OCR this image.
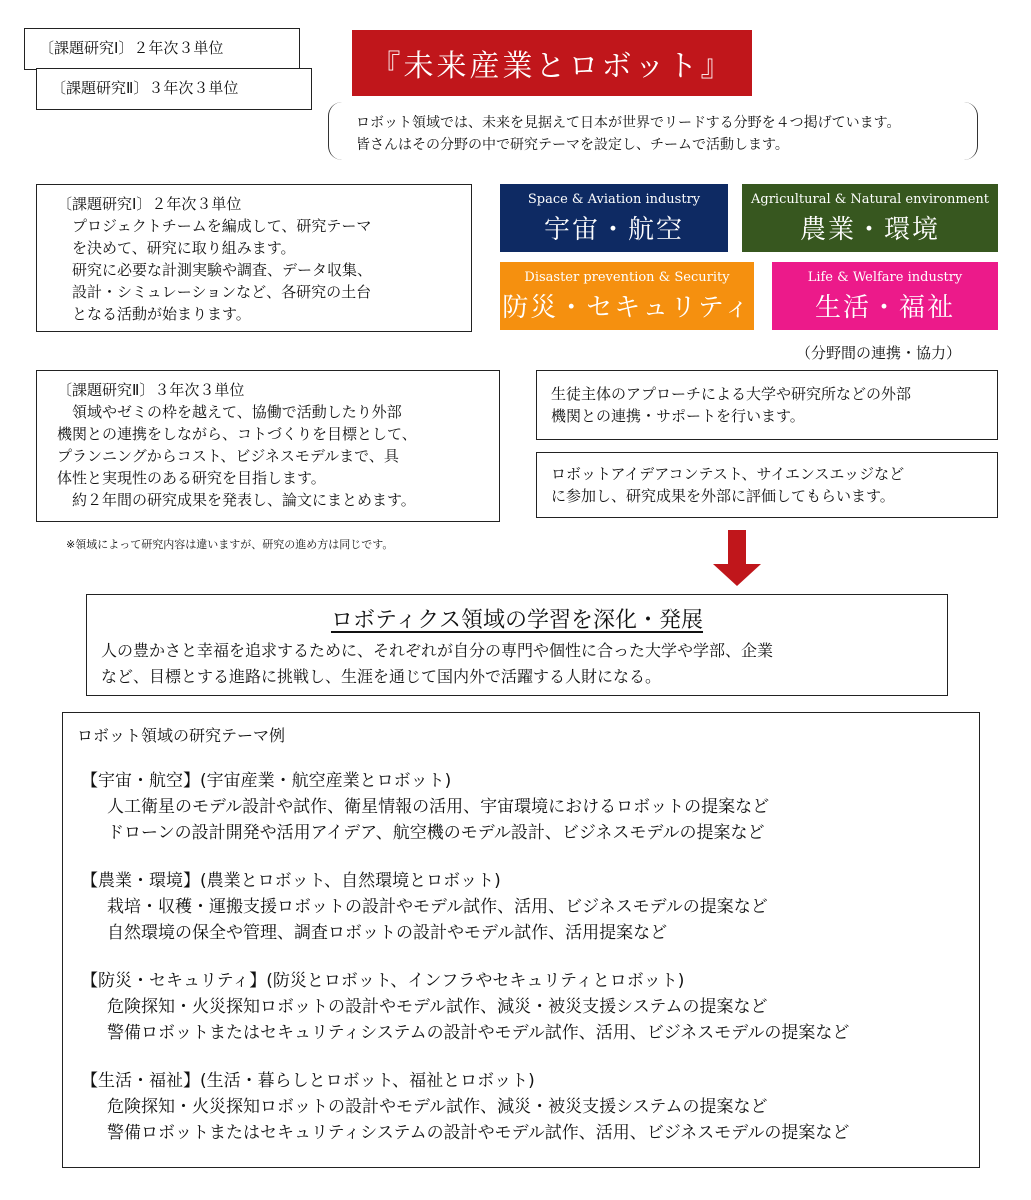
〔課題研究Ⅰ〕２年次３単位
〔課題研究Ⅱ〕３年次３単位
『未来産業とロボット』
ロボット領域では、未来を見据えて日本が世界でリードする分野を４つ掲げています。
皆さんはその分野の中で研究テーマを設定し、チームで活動します。
〔課題研究Ⅰ〕２年次３単位
　プロジェクトチームを編成して、研究テーマ
　を決めて、研究に取り組みます。
　研究に必要な計測実験や調査、データ収集、
　設計・シミュレーションなど、各研究の土台
　となる活動が始まります。
Space & Aviation industry
宇宙・航空
Agricultural & Natural environment
農業・環境
Disaster prevention & Security
防災・セキュリティ
Life & Welfare industry
生活・福祉
（分野間の連携・協力）
〔課題研究Ⅱ〕３年次３単位
　領域やゼミの枠を越えて、協働で活動したり外部
機関との連携をしながら、コトづくりを目標として、
プランニングからコスト、ビジネスモデルまで、具
体性と実現性のある研究を目指します。
　約２年間の研究成果を発表し、論文にまとめます。
生徒主体のアプローチによる大学や研究所などの外部
機関との連携・サポートを行います。
ロボットアイデアコンテスト、サイエンスエッジなど
に参加し、研究成果を外部に評価してもらいます。
※領域によって研究内容は違いますが、研究の進め方は同じです。
ロボティクス領域の学習を深化・発展
人の豊かさと幸福を追求するために、それぞれが自分の専門や個性に合った大学や学部、企業
など、目標とする進路に挑戦し、生涯を通じて国内外で活躍する人財になる。
ロボット領域の研究テーマ例
【宇宙・航空】(宇宙産業・航空産業とロボット)
人工衛星のモデル設計や試作、衛星情報の活用、宇宙環境におけるロボットの提案など
ドローンの設計開発や活用アイデア、航空機のモデル設計、ビジネスモデルの提案など
【農業・環境】(農業とロボット、自然環境とロボット)
栽培・収穫・運搬支援ロボットの設計やモデル試作、活用、ビジネスモデルの提案など
自然環境の保全や管理、調査ロボットの設計やモデル試作、活用提案など
【防災・セキュリティ】(防災とロボット、インフラやセキュリティとロボット)
危険探知・火災探知ロボットの設計やモデル試作、減災・被災支援システムの提案など
警備ロボットまたはセキュリティシステムの設計やモデル試作、活用、ビジネスモデルの提案など
【生活・福祉】(生活・暮らしとロボット、福祉とロボット)
危険探知・火災探知ロボットの設計やモデル試作、減災・被災支援システムの提案など
警備ロボットまたはセキュリティシステムの設計やモデル試作、活用、ビジネスモデルの提案など
